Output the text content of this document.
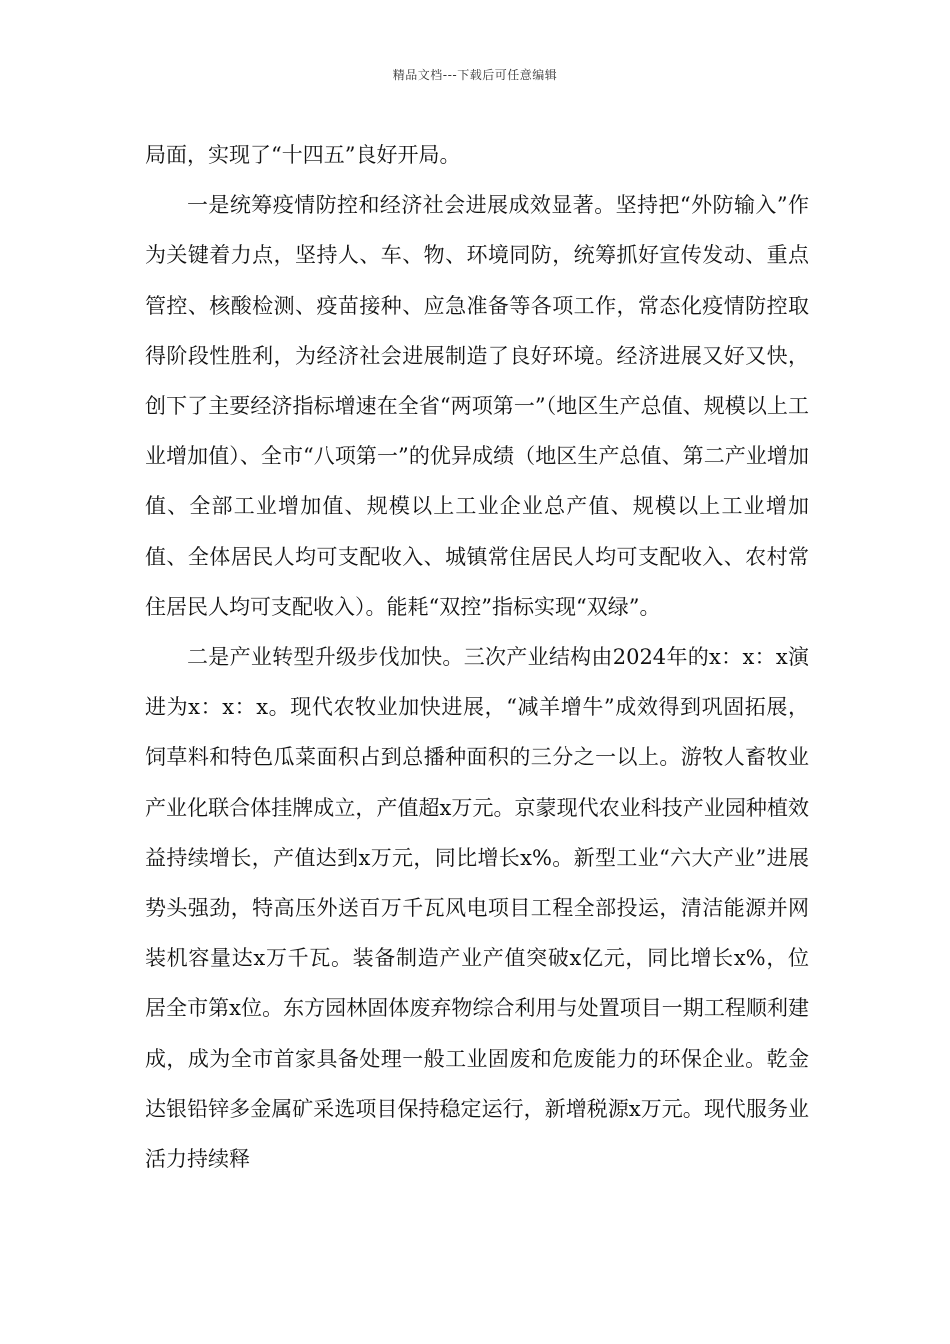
精品文档---下载后可任意编辑

局面，实现了“十四五”良好开局。

一是统筹疫情防控和经济社会进展成效显著。坚持把“外防输入”作为关键着力点，坚持人、车、物、环境同防，统筹抓好宣传发动、重点管控、核酸检测、疫苗接种、应急准备等各项工作，常态化疫情防控取得阶段性胜利，为经济社会进展制造了良好环境。经济进展又好又快，创下了主要经济指标增速在全省“两项第一”（地区生产总值、规模以上工业增加值）、全市“八项第一”的优异成绩（地区生产总值、第二产业增加值、全部工业增加值、规模以上工业企业总产值、规模以上工业增加值、全体居民人均可支配收入、城镇常住居民人均可支配收入、农村常住居民人均可支配收入）。能耗“双控”指标实现“双绿”。

二是产业转型升级步伐加快。三次产业结构由2024年的x：x：x演进为x：x：x。现代农牧业加快进展，“减羊增牛”成效得到巩固拓展，饲草料和特色瓜菜面积占到总播种面积的三分之一以上。游牧人畜牧业产业化联合体挂牌成立，产值超x万元。京蒙现代农业科技产业园种植效益持续增长，产值达到x万元，同比增长x%。新型工业“六大产业”进展势头强劲，特高压外送百万千瓦风电项目工程全部投运，清洁能源并网装机容量达x万千瓦。装备制造产业产值突破x亿元，同比增长x%，位居全市第x位。东方园林固体废弃物综合利用与处置项目一期工程顺利建成，成为全市首家具备处理一般工业固废和危废能力的环保企业。乾金达银铅锌多金属矿采选项目保持稳定运行，新增税源x万元。现代服务业活力持续释
